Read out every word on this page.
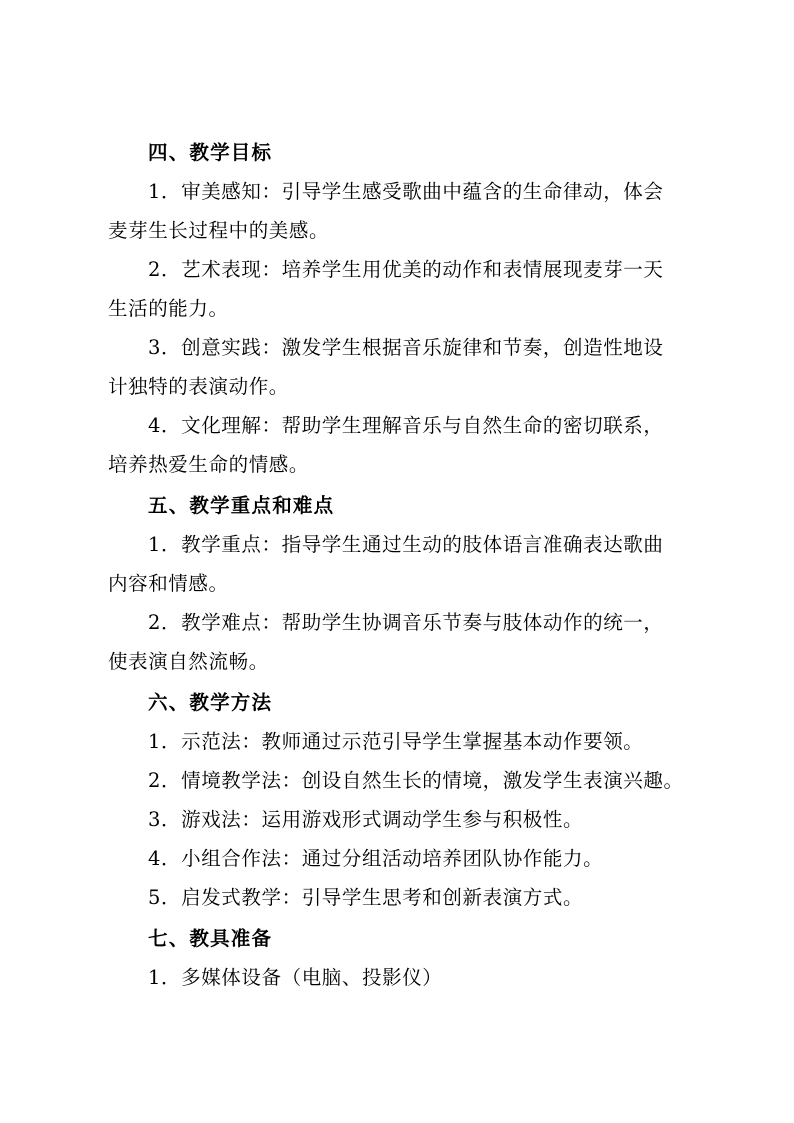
四、教学目标
1．审美感知：引导学生感受歌曲中蕴含的生命律动，体会
麦芽生长过程中的美感。
2．艺术表现：培养学生用优美的动作和表情展现麦芽一天
生活的能力。
3．创意实践：激发学生根据音乐旋律和节奏，创造性地设
计独特的表演动作。
4．文化理解：帮助学生理解音乐与自然生命的密切联系，
培养热爱生命的情感。
五、教学重点和难点
1．教学重点：指导学生通过生动的肢体语言准确表达歌曲
内容和情感。
2．教学难点：帮助学生协调音乐节奏与肢体动作的统一，
使表演自然流畅。
六、教学方法
1．示范法：教师通过示范引导学生掌握基本动作要领。
2．情境教学法：创设自然生长的情境，激发学生表演兴趣。
3．游戏法：运用游戏形式调动学生参与积极性。
4．小组合作法：通过分组活动培养团队协作能力。
5．启发式教学：引导学生思考和创新表演方式。
七、教具准备
1．多媒体设备（电脑、投影仪）
